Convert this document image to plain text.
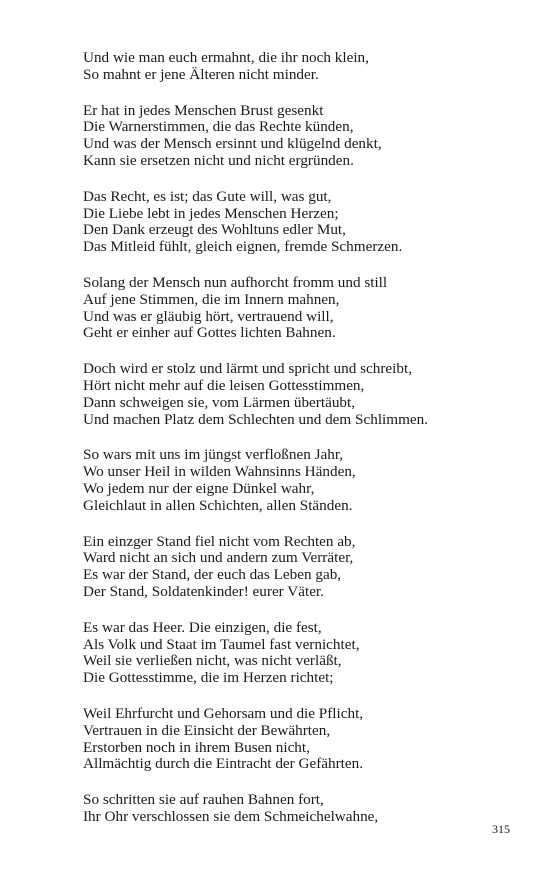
Und wie man euch ermahnt, die ihr noch klein,
So mahnt er jene Älteren nicht minder.
Er hat in jedes Menschen Brust gesenkt
Die Warnerstimmen, die das Rechte künden,
Und was der Mensch ersinnt und klügelnd denkt,
Kann sie ersetzen nicht und nicht ergründen.
Das Recht, es ist; das Gute will, was gut,
Die Liebe lebt in jedes Menschen Herzen;
Den Dank erzeugt des Wohltuns edler Mut,
Das Mitleid fühlt, gleich eignen, fremde Schmerzen.
Solang der Mensch nun aufhorcht fromm und still
Auf jene Stimmen, die im Innern mahnen,
Und was er gläubig hört, vertrauend will,
Geht er einher auf Gottes lichten Bahnen.
Doch wird er stolz und lärmt und spricht und schreibt,
Hört nicht mehr auf die leisen Gottesstimmen,
Dann schweigen sie, vom Lärmen übertäubt,
Und machen Platz dem Schlechten und dem Schlimmen.
So wars mit uns im jüngst verfloßnen Jahr,
Wo unser Heil in wilden Wahnsinns Händen,
Wo jedem nur der eigne Dünkel wahr,
Gleichlaut in allen Schichten, allen Ständen.
Ein einzger Stand fiel nicht vom Rechten ab,
Ward nicht an sich und andern zum Verräter,
Es war der Stand, der euch das Leben gab,
Der Stand, Soldatenkinder! eurer Väter.
Es war das Heer. Die einzigen, die fest,
Als Volk und Staat im Taumel fast vernichtet,
Weil sie verließen nicht, was nicht verläßt,
Die Gottesstimme, die im Herzen richtet;
Weil Ehrfurcht und Gehorsam und die Pflicht,
Vertrauen in die Einsicht der Bewährten,
Erstorben noch in ihrem Busen nicht,
Allmächtig durch die Eintracht der Gefährten.
So schritten sie auf rauhen Bahnen fort,
Ihr Ohr verschlossen sie dem Schmeichelwahne,
315
